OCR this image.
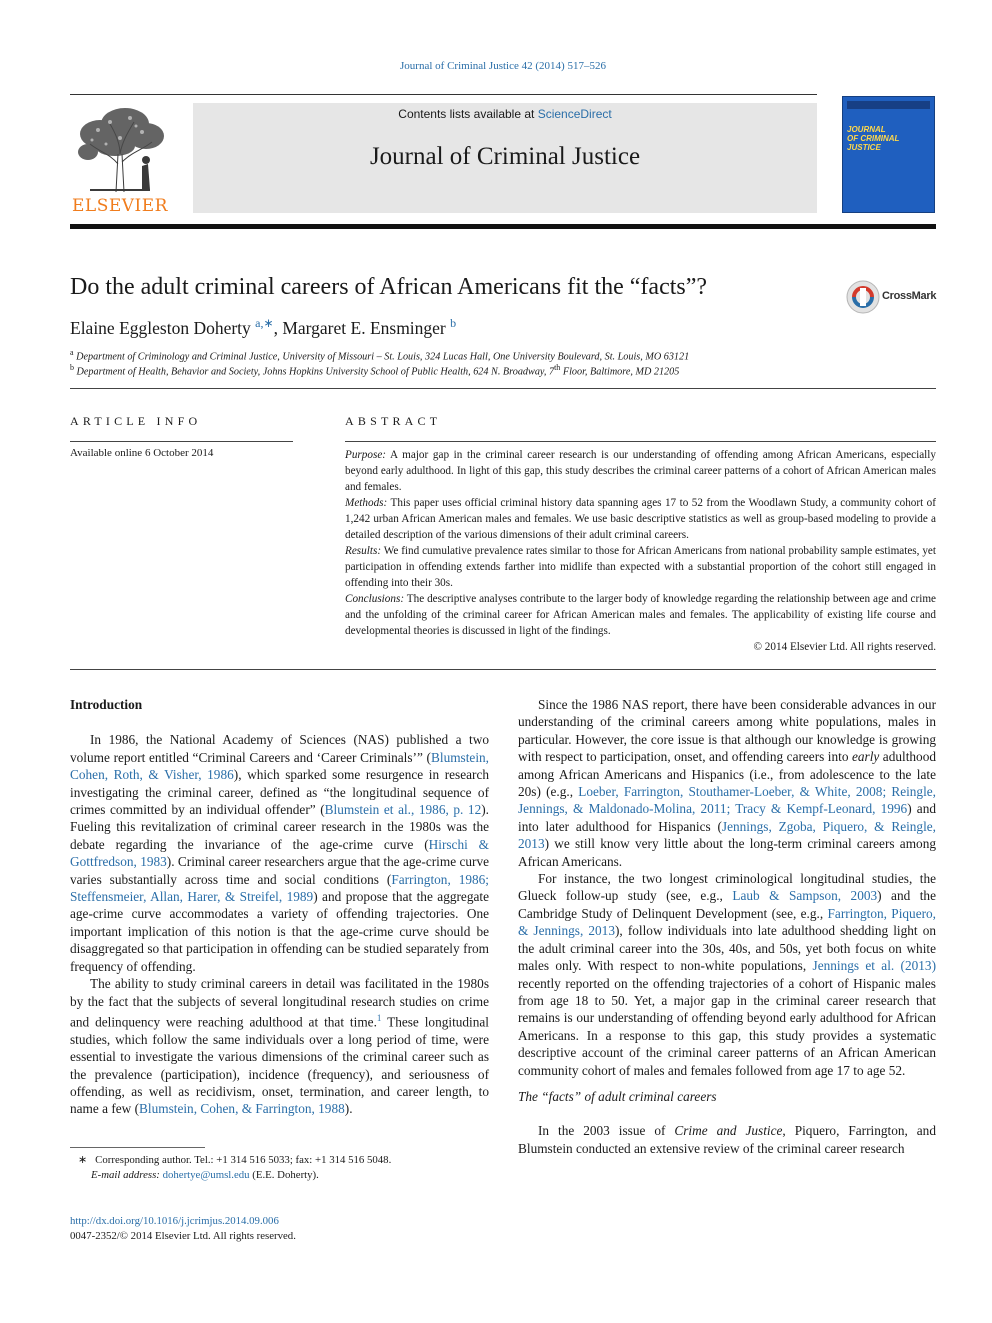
Journal of Criminal Justice 42 (2014) 517–526
ELSEVIER
Contents lists available at ScienceDirect
Journal of Criminal Justice
JOURNAL
OF CRIMINAL
JUSTICE
Do the adult criminal careers of African Americans fit the “facts”?	CrossMark
Elaine Eggleston Doherty $^{a,∗}$, Margaret E. Ensminger $^b$
$^a$ Department of Criminology and Criminal Justice, University of Missouri – St. Louis, 324 Lucas Hall, One University Boulevard, St. Louis, MO 63121
$^b$ Department of Health, Behavior and Society, Johns Hopkins University School of Public Health, 624 N. Broadway, 7th Floor, Baltimore, MD 21205
ARTICLE INFO
Available online 6 October 2014
ABSTRACT

Purpose: A major gap in the criminal career research is our understanding of offending among African Americans, especially beyond early adulthood. In light of this gap, this study describes the criminal career patterns of a cohort of African American males and females.

Methods: This paper uses official criminal history data spanning ages 17 to 52 from the Woodlawn Study, a community cohort of 1,242 urban African American males and females. We use basic descriptive statistics as well as group-based modeling to provide a detailed description of the various dimensions of their adult criminal careers.

Results: We find cumulative prevalence rates similar to those for African Americans from national probability sample estimates, yet participation in offending extends farther into midlife than expected with a substantial proportion of the cohort still engaged in offending into their 30s.

Conclusions: The descriptive analyses contribute to the larger body of knowledge regarding the relationship between age and crime and the unfolding of the criminal career for African American males and females. The applicability of existing life course and developmental theories is discussed in light of the findings.

© 2014 Elsevier Ltd. All rights reserved.

Introduction

In 1986, the National Academy of Sciences (NAS) published a two volume report entitled “Criminal Careers and ‘Career Criminals’” (Blumstein, Cohen, Roth, & Visher, 1986), which sparked some resurgence in research investigating the criminal career, defined as “the longitudinal sequence of crimes committed by an individual offender” (Blumstein et al., 1986, p. 12). Fueling this revitalization of criminal career research in the 1980s was the debate regarding the invariance of the age-crime curve (Hirschi & Gottfredson, 1983). Criminal career researchers argue that the age-crime curve varies substantially across time and social conditions (Farrington, 1986; Steffensmeier, Allan, Harer, & Streifel, 1989) and propose that the aggregate age-crime curve accommodates a variety of offending trajectories. One important implication of this notion is that the age-crime curve should be disaggregated so that participation in offending can be studied separately from frequency of offending.

The ability to study criminal careers in detail was facilitated in the 1980s by the fact that the subjects of several longitudinal research studies on crime and delinquency were reaching adulthood at that time.$^1$ These longitudinal studies, which follow the same individuals over a long period of time, were essential to investigate the various dimensions of the criminal career such as the prevalence (participation), incidence (frequency), and seriousness of offending, as well as recidivism, onset, termination, and career length, to name a few (Blumstein, Cohen, & Farrington, 1988).

Since the 1986 NAS report, there have been considerable advances in our understanding of the criminal careers among white populations, males in particular. However, the core issue is that although our knowledge is growing with respect to participation, onset, and offending careers into early adulthood among African Americans and Hispanics (i.e., from adolescence to the late 20s) (e.g., Loeber, Farrington, Stouthamer-Loeber, & White, 2008; Reingle, Jennings, & Maldonado-Molina, 2011; Tracy & Kempf-Leonard, 1996) and into later adulthood for Hispanics (Jennings, Zgoba, Piquero, & Reingle, 2013) we still know very little about the long-term criminal careers among African Americans.

For instance, the two longest criminological longitudinal studies, the Glueck follow-up study (see, e.g., Laub & Sampson, 2003) and the Cambridge Study of Delinquent Development (see, e.g., Farrington, Piquero, & Jennings, 2013), follow individuals into late adulthood shedding light on the adult criminal career into the 30s, 40s, and 50s, yet both focus on white males only. With respect to non-white populations, Jennings et al. (2013) recently reported on the offending trajectories of a cohort of Hispanic males from age 18 to 50. Yet, a major gap in the criminal career research that remains is our understanding of offending beyond early adulthood for African Americans. In a response to this gap, this study provides a systematic descriptive account of the criminal career patterns of an African American community cohort of males and females followed from age 17 to age 52.

The “facts” of adult criminal careers

In the 2003 issue of Crime and Justice, Piquero, Farrington, and Blumstein conducted an extensive review of the criminal career research

∗ Corresponding author. Tel.: +1 314 516 5033; fax: +1 314 516 5048.
E-mail address: dohertye@umsl.edu (E.E. Doherty).
http://dx.doi.org/10.1016/j.jcrimjus.2014.09.006
0047-2352/© 2014 Elsevier Ltd. All rights reserved.
